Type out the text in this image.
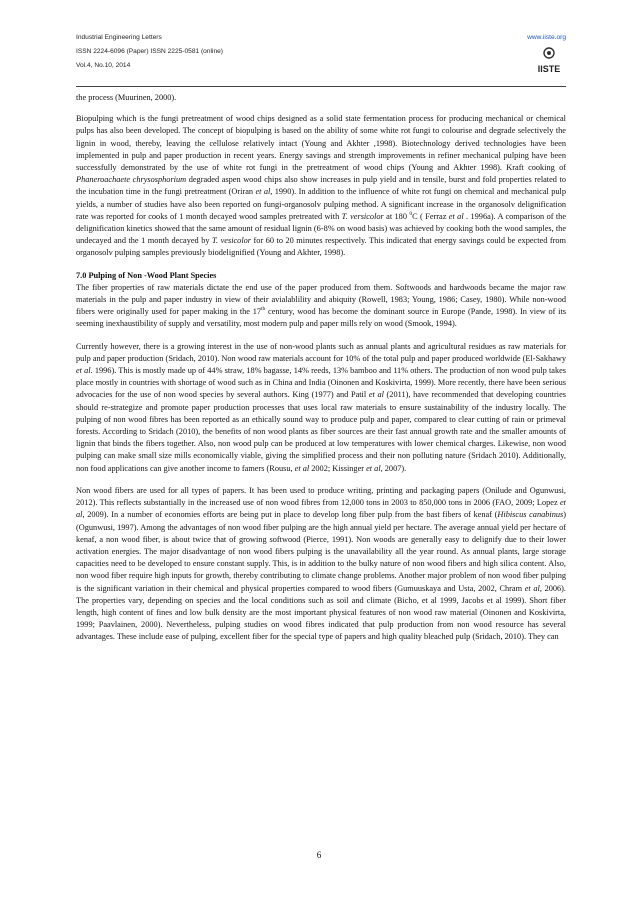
Industrial Engineering Letters
ISSN 2224-6096 (Paper) ISSN 2225-0581 (online)
Vol.4, No.10, 2014
www.iiste.org
IISTE

the process (Muurinen, 2000).

Biopulping which is the fungi pretreatment of wood chips designed as a solid state fermentation process for producing mechanical or chemical pulps has also been developed. The concept of biopulping is based on the ability of some white rot fungi to colourise and degrade selectively the lignin in wood, thereby, leaving the cellulose relatively intact (Young and Akhter ,1998). Biotechnology derived technologies have been implemented in pulp and paper production in recent years. Energy savings and strength improvements in refiner mechanical pulping have been successfully demonstrated by the use of white rot fungi in the pretreatment of wood chips (Young and Akhter 1998). Kraft cooking of Phaneroachaete chrysosphorium degraded aspen wood chips also show increases in pulp yield and in tensile, burst and fold properties related to the incubation time in the fungi pretreatment (Oriran et al, 1990). In addition to the influence of white rot fungi on chemical and mechanical pulp yields, a number of studies have also been reported on fungi-organosolv pulping method. A significant increase in the organosolv delignification rate was reported for cooks of 1 month decayed wood samples pretreated with T. versicolor at 180 $^0$C ( Ferraz et al . 1996a). A comparison of the delignification kinetics showed that the same amount of residual lignin (6-8% on wood basis) was achieved by cooking both the wood samples, the undecayed and the 1 month decayed by T. vesicolor for 60 to 20 minutes respectively. This indicated that energy savings could be expected from organosolv pulping samples previously biodelignified (Young and Akhter, 1998).

7.0 Pulping of Non -Wood Plant Species
The fiber properties of raw materials dictate the end use of the paper produced from them. Softwoods and hardwoods became the major raw materials in the pulp and paper industry in view of their avialablility and abiquity (Rowell, 1983; Young, 1986; Casey, 1980). While non-wood fibers were originally used for paper making in the 17th century, wood has become the dominant source in Europe (Pande, 1998). In view of its seeming inexhaustibility of supply and versatility, most modern pulp and paper mills rely on wood (Smook, 1994).

Currently however, there is a growing interest in the use of non-wood plants such as annual plants and agricultural residues as raw materials for pulp and paper production (Sridach, 2010). Non wood raw materials account for 10% of the total pulp and paper produced worldwide (El-Sakhawy et al. 1996). This is mostly made up of 44% straw, 18% bagasse, 14% reeds, 13% bamboo and 11% others. The production of non wood pulp takes place mostly in countries with shortage of wood such as in China and India (Oinonen and Koskivirta, 1999). More recently, there have been serious advocacies for the use of non wood species by several authors. King (1977) and Patil et al (2011), have recommended that developing countries should re-strategize and promote paper production processes that uses local raw materials to ensure sustainability of the industry locally. The pulping of non wood fibres has been reported as an ethically sound way to produce pulp and paper, compared to clear cutting of rain or primeval forests. According to Sridach (2010), the benefits of non wood plants as fiber sources are their fast annual growth rate and the smaller amounts of lignin that binds the fibers together. Also, non wood pulp can be produced at low temperatures with lower chemical charges. Likewise, non wood pulping can make small size mills economically viable, giving the simplified process and their non polluting nature (Sridach 2010). Additionally, non food applications can give another income to famers (Rousu, et al 2002; Kissinger et al, 2007).

Non wood fibers are used for all types of papers. It has been used to produce writing, printing and packaging papers (Onilude and Ogunwusi, 2012). This reflects substantially in the increased use of non wood fibres from 12,000 tons in 2003 to 850,000 tons in 2006 (FAO, 2009; Lopez et al, 2009). In a number of economies efforts are being put in place to develop long fiber pulp from the bast fibers of kenaf (Hibiscus canabinus) (Ogunwusi, 1997). Among the advantages of non wood fiber pulping are the high annual yield per hectare. The average annual yield per hectare of kenaf, a non wood fiber, is about twice that of growing softwood (Pierce, 1991). Non woods are generally easy to delignify due to their lower activation energies. The major disadvantage of non wood fibers pulping is the unavailability all the year round. As annual plants, large storage capacities need to be developed to ensure constant supply. This, is in addition to the bulky nature of non wood fibers and high silica content. Also, non wood fiber require high inputs for growth, thereby contributing to climate change problems. Another major problem of non wood fiber pulping is the significant variation in their chemical and physical properties compared to wood fibers (Gumuuskaya and Usta, 2002, Chram et al, 2006). The properties vary, depending on species and the local conditions such as soil and climate (Bicho, et al 1999, Jacobs et al 1999). Short fiber length, high content of fines and low bulk density are the most important physical features of non wood raw material (Oinonen and Koskivirta, 1999; Paavlainen, 2000). Nevertheless, pulping studies on wood fibres indicated that pulp production from non wood resource has several advantages. These include ease of pulping, excellent fiber for the special type of papers and high quality bleached pulp (Sridach, 2010). They can

6
